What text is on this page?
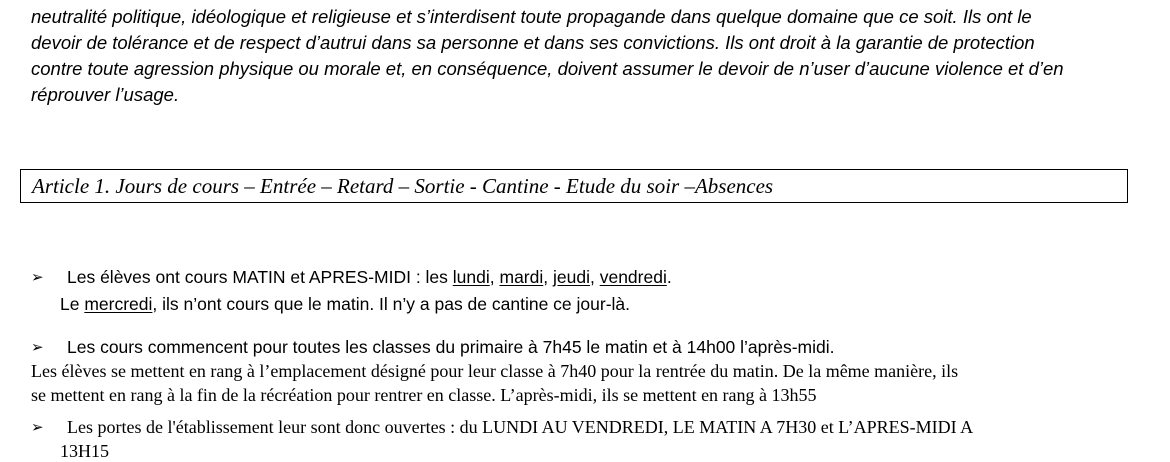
neutralité politique, idéologique et religieuse et s’interdisent toute propagande dans quelque domaine que ce soit. Ils ont le
devoir de tolérance et de respect d’autrui dans sa personne et dans ses convictions. Ils ont droit à la garantie de protection
contre toute agression physique ou morale et, en conséquence, doivent assumer le devoir de n’user d’aucune violence et d’en
réprouver l’usage.

Article 1. Jours de cours – Entrée – Retard – Sortie - Cantine - Etude du soir –Absences
➢ Les élèves ont cours MATIN et APRES-MIDI : les lundi, mardi, jeudi, vendredi.
Le mercredi, ils n’ont cours que le matin. Il n’y a pas de cantine ce jour-là.
➢ Les cours commencent pour toutes les classes du primaire à 7h45 le matin et à 14h00 l’après-midi.
Les élèves se mettent en rang à l’emplacement désigné pour leur classe à 7h40 pour la rentrée du matin. De la même manière, ils
se mettent en rang à la fin de la récréation pour rentrer en classe. L’après-midi, ils se mettent en rang à 13h55
➢ Les portes de l'établissement leur sont donc ouvertes : du LUNDI AU VENDREDI, LE MATIN A 7H30 et L’APRES-MIDI A
13H15
